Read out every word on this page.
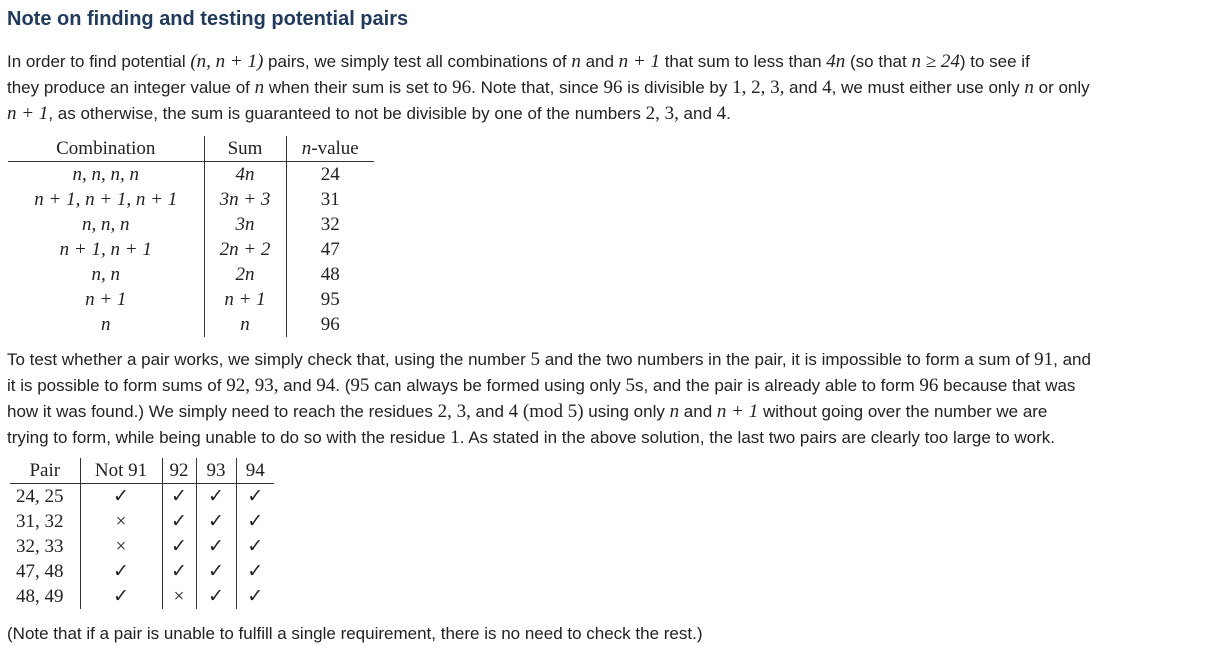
Note on finding and testing potential pairs
In order to find potential (n, n + 1) pairs, we simply test all combinations of n and n + 1 that sum to less than 4n (so that n ≥ 24) to see if
they produce an integer value of n when their sum is set to 96. Note that, since 96 is divisible by 1, 2, 3, and 4, we must either use only n or only
n + 1, as otherwise, the sum is guaranteed to not be divisible by one of the numbers 2, 3, and 4.
Combination	Sum	n-value
n, n, n, n	4n	24
n + 1, n + 1, n + 1	3n + 3	31
n, n, n	3n	32
n + 1, n + 1	2n + 2	47
n, n	2n	48
n + 1	n + 1	95
n	n	96
To test whether a pair works, we simply check that, using the number 5 and the two numbers in the pair, it is impossible to form a sum of 91, and
it is possible to form sums of 92, 93, and 94. (95 can always be formed using only 5s, and the pair is already able to form 96 because that was
how it was found.) We simply need to reach the residues 2, 3, and 4 (mod 5) using only n and n + 1 without going over the number we are
trying to form, while being unable to do so with the residue 1. As stated in the above solution, the last two pairs are clearly too large to work.
Pair	Not 91	92	93	94
24, 25	✓	✓	✓	✓
31, 32	×	✓	✓	✓
32, 33	×	✓	✓	✓
47, 48	✓	✓	✓	✓
48, 49	✓	×	✓	✓
(Note that if a pair is unable to fulfill a single requirement, there is no need to check the rest.)
